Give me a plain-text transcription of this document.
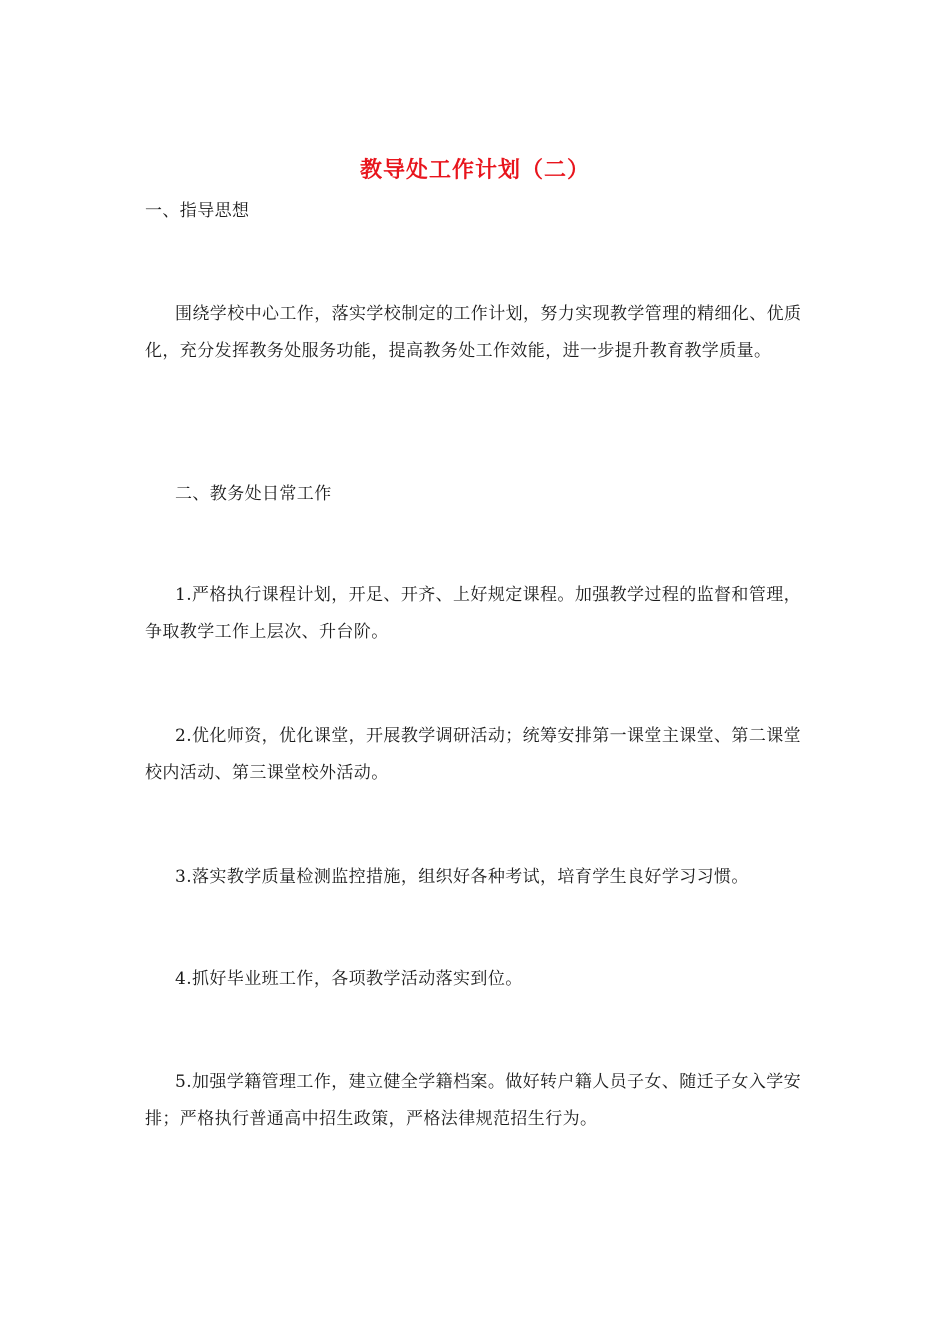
教导处工作计划（二）
一、指导思想
围绕学校中心工作，落实学校制定的工作计划，努力实现教学管理的精细化、优质化，充分发挥教务处服务功能，提高教务处工作效能，进一步提升教育教学质量。
二、教务处日常工作
1.严格执行课程计划，开足、开齐、上好规定课程。加强教学过程的监督和管理，争取教学工作上层次、升台阶。
2.优化师资，优化课堂，开展教学调研活动；统筹安排第一课堂主课堂、第二课堂校内活动、第三课堂校外活动。
3.落实教学质量检测监控措施，组织好各种考试，培育学生良好学习习惯。
4.抓好毕业班工作，各项教学活动落实到位。
5.加强学籍管理工作，建立健全学籍档案。做好转户籍人员子女、随迁子女入学安排；严格执行普通高中招生政策，严格法律规范招生行为。
